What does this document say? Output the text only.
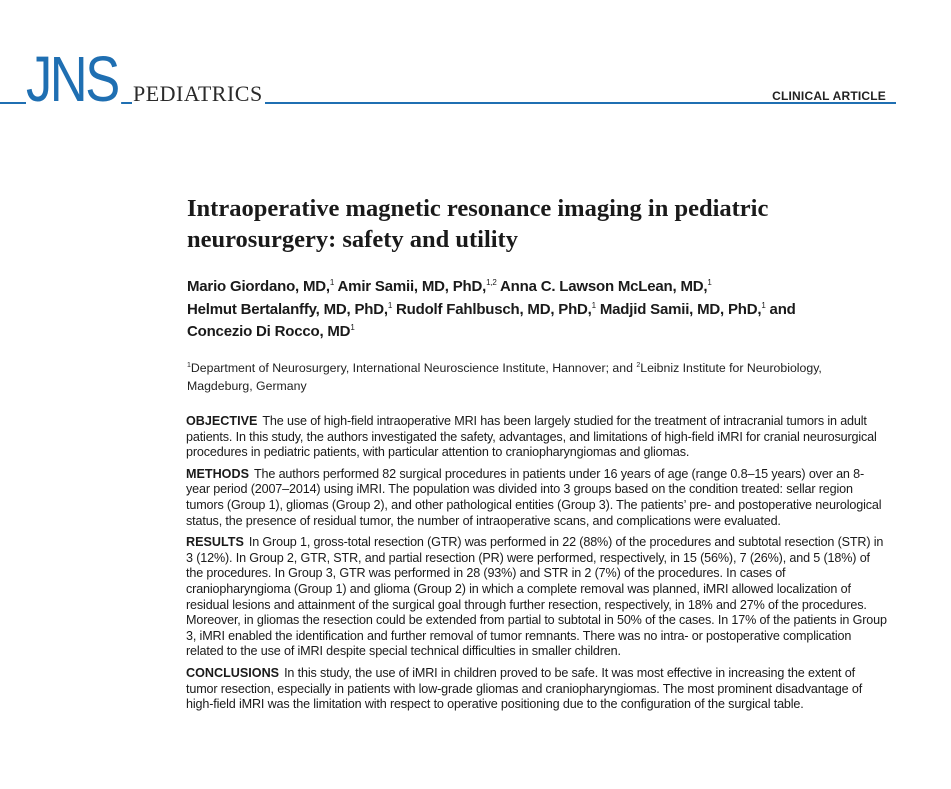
JNS PEDIATRICS	CLINICAL ARTICLE
Intraoperative magnetic resonance imaging in pediatric neurosurgery: safety and utility
Mario Giordano, MD,$^1$ Amir Samii, MD, PhD,$^{1,2}$ Anna C. Lawson McLean, MD,$^1$
Helmut Bertalanffy, MD, PhD,$^1$ Rudolf Fahlbusch, MD, PhD,$^1$ Madjid Samii, MD, PhD,$^1$ and
Concezio Di Rocco, $MD^1$
$^1$Department of Neurosurgery, International Neuroscience Institute, Hannover; and $^2$Leibniz Institute for Neurobiology, Magdeburg, Germany

OBJECTIVE The use of high-field intraoperative MRI has been largely studied for the treatment of intracranial tumors in adult patients. In this study, the authors investigated the safety, advantages, and limitations of high-field iMRI for cranial neurosurgical procedures in pediatric patients, with particular attention to craniopharyngiomas and gliomas.

METHODS The authors performed 82 surgical procedures in patients under 16 years of age (range 0.8–15 years) over an 8-year period (2007–2014) using iMRI. The population was divided into 3 groups based on the condition treated: sellar region tumors (Group 1), gliomas (Group 2), and other pathological entities (Group 3). The patients’ pre- and postoperative neurological status, the presence of residual tumor, the number of intraoperative scans, and complications were evaluated.

RESULTS In Group 1, gross-total resection (GTR) was performed in 22 (88%) of the procedures and subtotal resection (STR) in 3 (12%). In Group 2, GTR, STR, and partial resection (PR) were performed, respectively, in 15 (56%), 7 (26%), and 5 (18%) of the procedures. In Group 3, GTR was performed in 28 (93%) and STR in 2 (7%) of the procedures. In cases of craniopharyngioma (Group 1) and glioma (Group 2) in which a complete removal was planned, iMRI allowed localization of residual lesions and attainment of the surgical goal through further resection, respectively, in 18% and 27% of the procedures. Moreover, in gliomas the resection could be extended from partial to subtotal in 50% of the cases. In 17% of the patients in Group 3, iMRI enabled the identification and further removal of tumor remnants. There was no intra- or postoperative complication related to the use of iMRI despite special technical difficulties in smaller children.

CONCLUSIONS In this study, the use of iMRI in children proved to be safe. It was most effective in increasing the extent of tumor resection, especially in patients with low-grade gliomas and craniopharyngiomas. The most prominent disadvantage of high-field iMRI was the limitation with respect to operative positioning due to the configuration of the surgical table.
